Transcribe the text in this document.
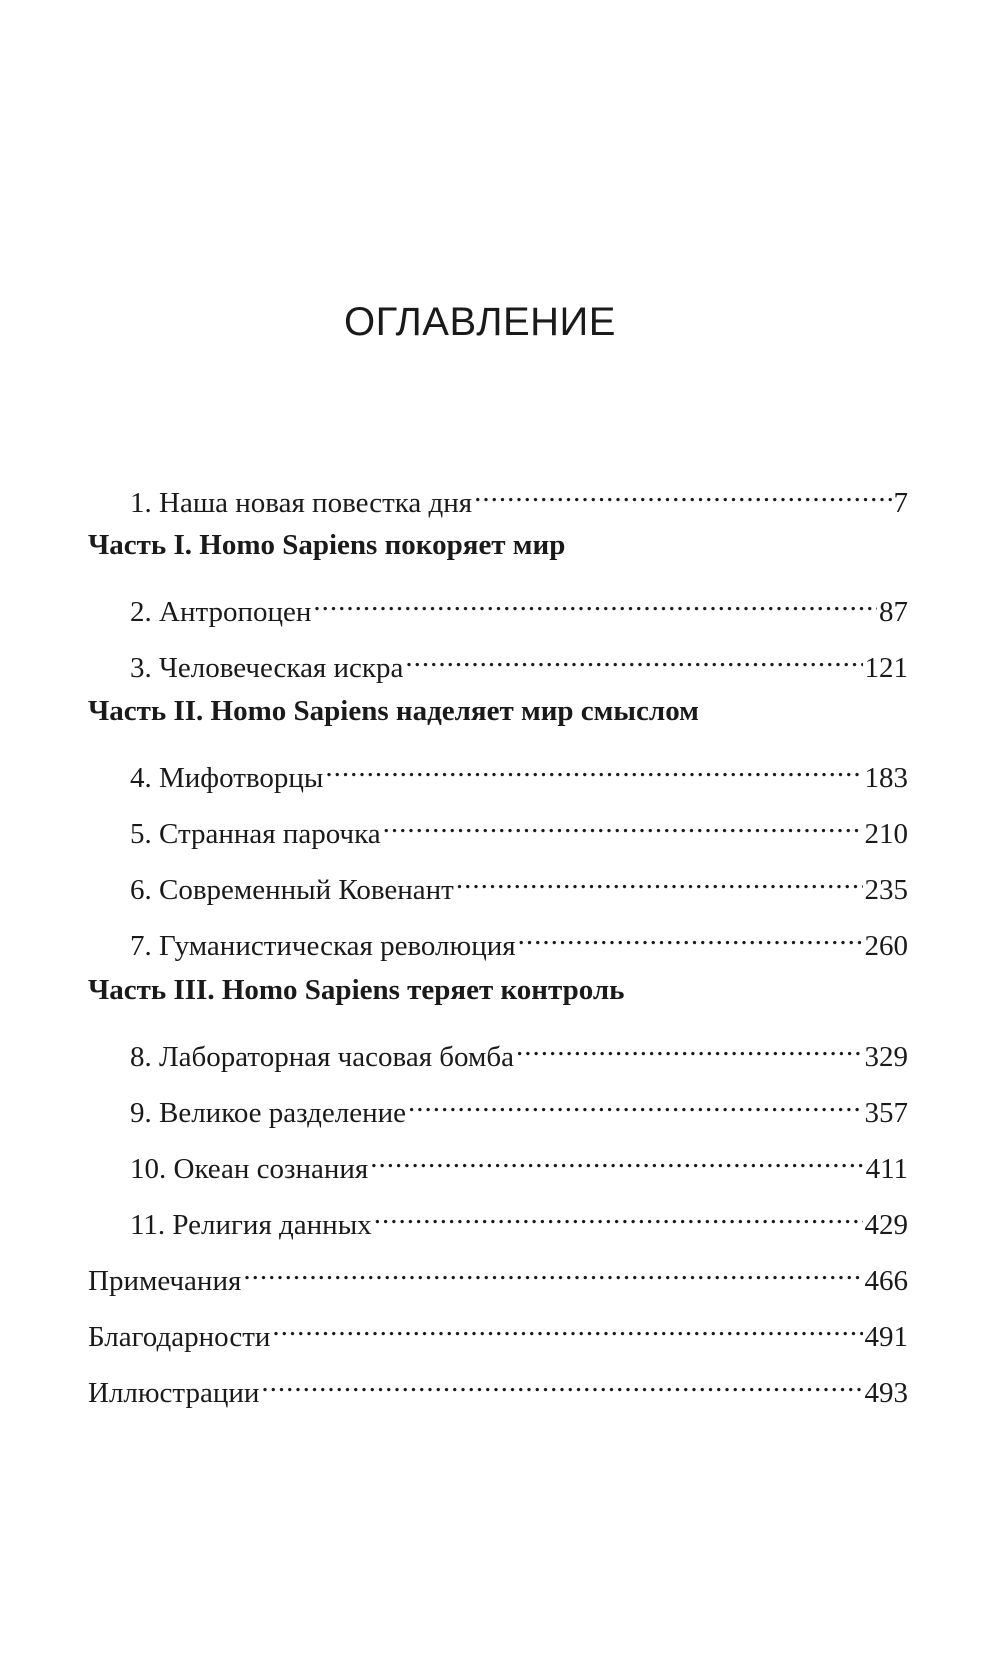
ОГЛАВЛЕНИЕ
1. Наша новая повестка дня .....	7
Часть I. Homo Sapiens покоряет мир
2. Антропоцен .....	87
3. Человеческая искра .....	121
Часть II. Homo Sapiens наделяет мир смыслом
4. Мифотворцы .....	183
5. Странная парочка .....	210
6. Современный Ковенант .....	235
7. Гуманистическая революция .....	260
Часть III. Homo Sapiens теряет контроль
8. Лабораторная часовая бомба .....	329
9. Великое разделение .....	357
10. Океан сознания .....	411
11. Религия данных .....	429
Примечания .....	466
Благодарности .....	491
Иллюстрации .....	493
